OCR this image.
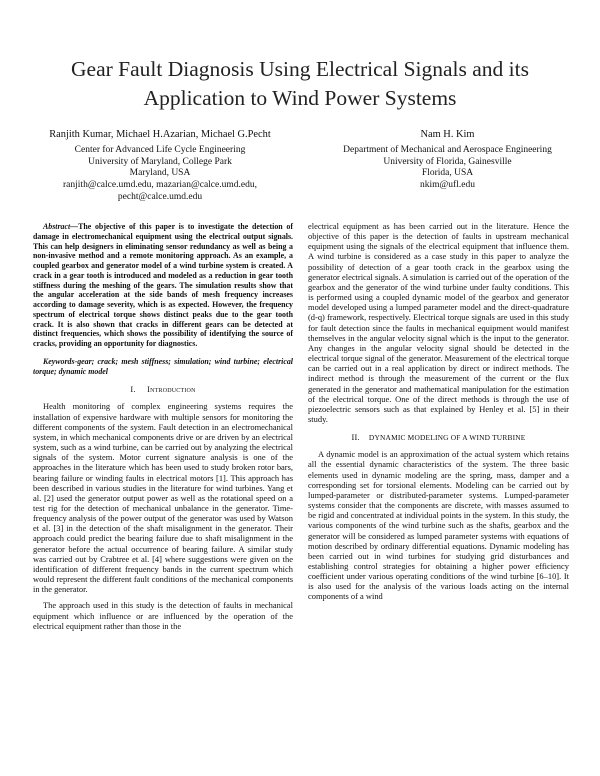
Gear Fault Diagnosis Using Electrical Signals and its
Application to Wind Power Systems
Ranjith Kumar, Michael H.Azarian, Michael G.Pecht
Center for Advanced Life Cycle Engineering
University of Maryland, College Park
Maryland, USA
ranjith@calce.umd.edu, mazarian@calce.umd.edu,
pecht@calce.umd.edu
Nam H. Kim
Department of Mechanical and Aerospace Engineering
University of Florida, Gainesville
Florida, USA
nkim@ufl.edu

Abstract—The objective of this paper is to investigate the detection of damage in electromechanical equipment using the electrical output signals. This can help designers in eliminating sensor redundancy as well as being a non-invasive method and a remote monitoring approach. As an example, a coupled gearbox and generator model of a wind turbine system is created. A crack in a gear tooth is introduced and modeled as a reduction in gear tooth stiffness during the meshing of the gears. The simulation results show that the angular acceleration at the side bands of mesh frequency increases according to damage severity, which is as expected. However, the frequency spectrum of electrical torque shows distinct peaks due to the gear tooth crack. It is also shown that cracks in different gears can be detected at distinct frequencies, which shows the possibility of identifying the source of cracks, providing an opportunity for diagnostics.

Keywords-gear; crack; mesh stiffness; simulation; wind turbine; electrical torque; dynamic model

I. Introduction

Health monitoring of complex engineering systems requires the installation of expensive hardware with multiple sensors for monitoring the different components of the system. Fault detection in an electromechanical system, in which mechanical components drive or are driven by an electrical system, such as a wind turbine, can be carried out by analyzing the electrical signals of the system. Motor current signature analysis is one of the approaches in the literature which has been used to study broken rotor bars, bearing failure or winding faults in electrical motors [1]. This approach has been described in various studies in the literature for wind turbines. Yang et al. [2] used the generator output power as well as the rotational speed on a test rig for the detection of mechanical unbalance in the generator. Time-frequency analysis of the power output of the generator was used by Watson et al. [3] in the detection of the shaft misalignment in the generator. Their approach could predict the bearing failure due to shaft misalignment in the generator before the actual occurrence of bearing failure. A similar study was carried out by Crabtree et al. [4] where suggestions were given on the identification of different frequency bands in the current spectrum which would represent the different fault conditions of the mechanical components in the generator.

The approach used in this study is the detection of faults in mechanical equipment which influence or are influenced by the operation of the electrical equipment rather than those in the

electrical equipment as has been carried out in the literature. Hence the objective of this paper is the detection of faults in upstream mechanical equipment using the signals of the electrical equipment that influence them. A wind turbine is considered as a case study in this paper to analyze the possibility of detection of a gear tooth crack in the gearbox using the generator electrical signals. A simulation is carried out of the operation of the gearbox and the generator of the wind turbine under faulty conditions. This is performed using a coupled dynamic model of the gearbox and generator model developed using a lumped parameter model and the direct-quadrature (d-q) framework, respectively. Electrical torque signals are used in this study for fault detection since the faults in mechanical equipment would manifest themselves in the angular velocity signal which is the input to the generator. Any changes in the angular velocity signal should be detected in the electrical torque signal of the generator. Measurement of the electrical torque can be carried out in a real application by direct or indirect methods. The indirect method is through the measurement of the current or the flux generated in the generator and mathematical manipulation for the estimation of the electrical torque. One of the direct methods is through the use of piezoelectric sensors such as that explained by Henley et al. [5] in their study.

II. DYNAMIC MODELING OF A WIND TURBINE

A dynamic model is an approximation of the actual system which retains all the essential dynamic characteristics of the system. The three basic elements used in dynamic modeling are the spring, mass, damper and a corresponding set for torsional elements. Modeling can be carried out by lumped-parameter or distributed-parameter systems. Lumped-parameter systems consider that the components are discrete, with masses assumed to be rigid and concentrated at individual points in the system. In this study, the various components of the wind turbine such as the shafts, gearbox and the generator will be considered as lumped parameter systems with equations of motion described by ordinary differential equations. Dynamic modeling has been carried out in wind turbines for studying grid disturbances and establishing control strategies for obtaining a higher power efficiency coefficient under various operating conditions of the wind turbine [6–10]. It is also used for the analysis of the various loads acting on the internal components of a wind
